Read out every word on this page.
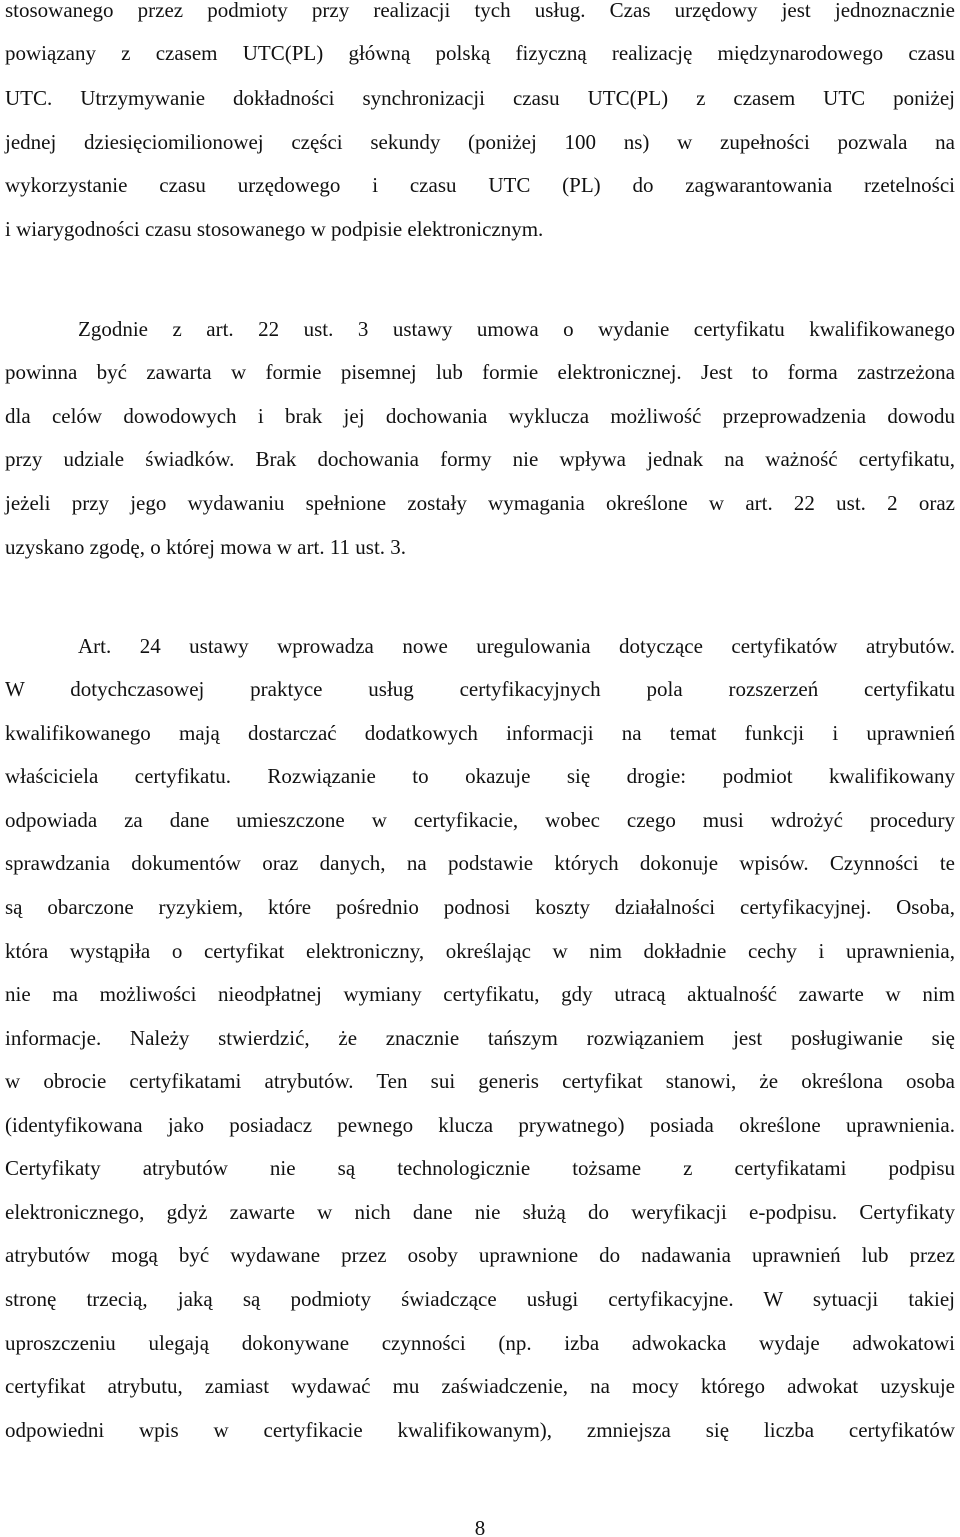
stosowanego przez podmioty przy realizacji tych usług. Czas urzędowy jest jednoznacznie
powiązany z czasem UTC(PL) główną polską fizyczną realizację międzynarodowego czasu
UTC. Utrzymywanie dokładności synchronizacji czasu UTC(PL) z czasem UTC poniżej
jednej dziesięciomilionowej części sekundy (poniżej 100 ns) w zupełności pozwala na
wykorzystanie czasu urzędowego i czasu UTC (PL) do zagwarantowania rzetelności
i wiarygodności czasu stosowanego w podpisie elektronicznym.
Zgodnie z art. 22 ust. 3 ustawy umowa o wydanie certyfikatu kwalifikowanego
powinna być zawarta w formie pisemnej lub formie elektronicznej. Jest to forma zastrzeżona
dla celów dowodowych i brak jej dochowania wyklucza możliwość przeprowadzenia dowodu
przy udziale świadków. Brak dochowania formy nie wpływa jednak na ważność certyfikatu,
jeżeli przy jego wydawaniu spełnione zostały wymagania określone w art. 22 ust. 2 oraz
uzyskano zgodę, o której mowa w art. 11 ust. 3.
Art. 24 ustawy wprowadza nowe uregulowania dotyczące certyfikatów atrybutów.
W dotychczasowej praktyce usług certyfikacyjnych pola rozszerzeń certyfikatu
kwalifikowanego mają dostarczać dodatkowych informacji na temat funkcji i uprawnień
właściciela certyfikatu. Rozwiązanie to okazuje się drogie: podmiot kwalifikowany
odpowiada za dane umieszczone w certyfikacie, wobec czego musi wdrożyć procedury
sprawdzania dokumentów oraz danych, na podstawie których dokonuje wpisów. Czynności te
są obarczone ryzykiem, które pośrednio podnosi koszty działalności certyfikacyjnej. Osoba,
która wystąpiła o certyfikat elektroniczny, określając w nim dokładnie cechy i uprawnienia,
nie ma możliwości nieodpłatnej wymiany certyfikatu, gdy utracą aktualność zawarte w nim
informacje. Należy stwierdzić, że znacznie tańszym rozwiązaniem jest posługiwanie się
w obrocie certyfikatami atrybutów. Ten sui generis certyfikat stanowi, że określona osoba
(identyfikowana jako posiadacz pewnego klucza prywatnego) posiada określone uprawnienia.
Certyfikaty atrybutów nie są technologicznie tożsame z certyfikatami podpisu
elektronicznego, gdyż zawarte w nich dane nie służą do weryfikacji e-podpisu. Certyfikaty
atrybutów mogą być wydawane przez osoby uprawnione do nadawania uprawnień lub przez
stronę trzecią, jaką są podmioty świadczące usługi certyfikacyjne. W sytuacji takiej
uproszczeniu ulegają dokonywane czynności (np. izba adwokacka wydaje adwokatowi
certyfikat atrybutu, zamiast wydawać mu zaświadczenie, na mocy którego adwokat uzyskuje
odpowiedni wpis w certyfikacie kwalifikowanym), zmniejsza się liczba certyfikatów
8
